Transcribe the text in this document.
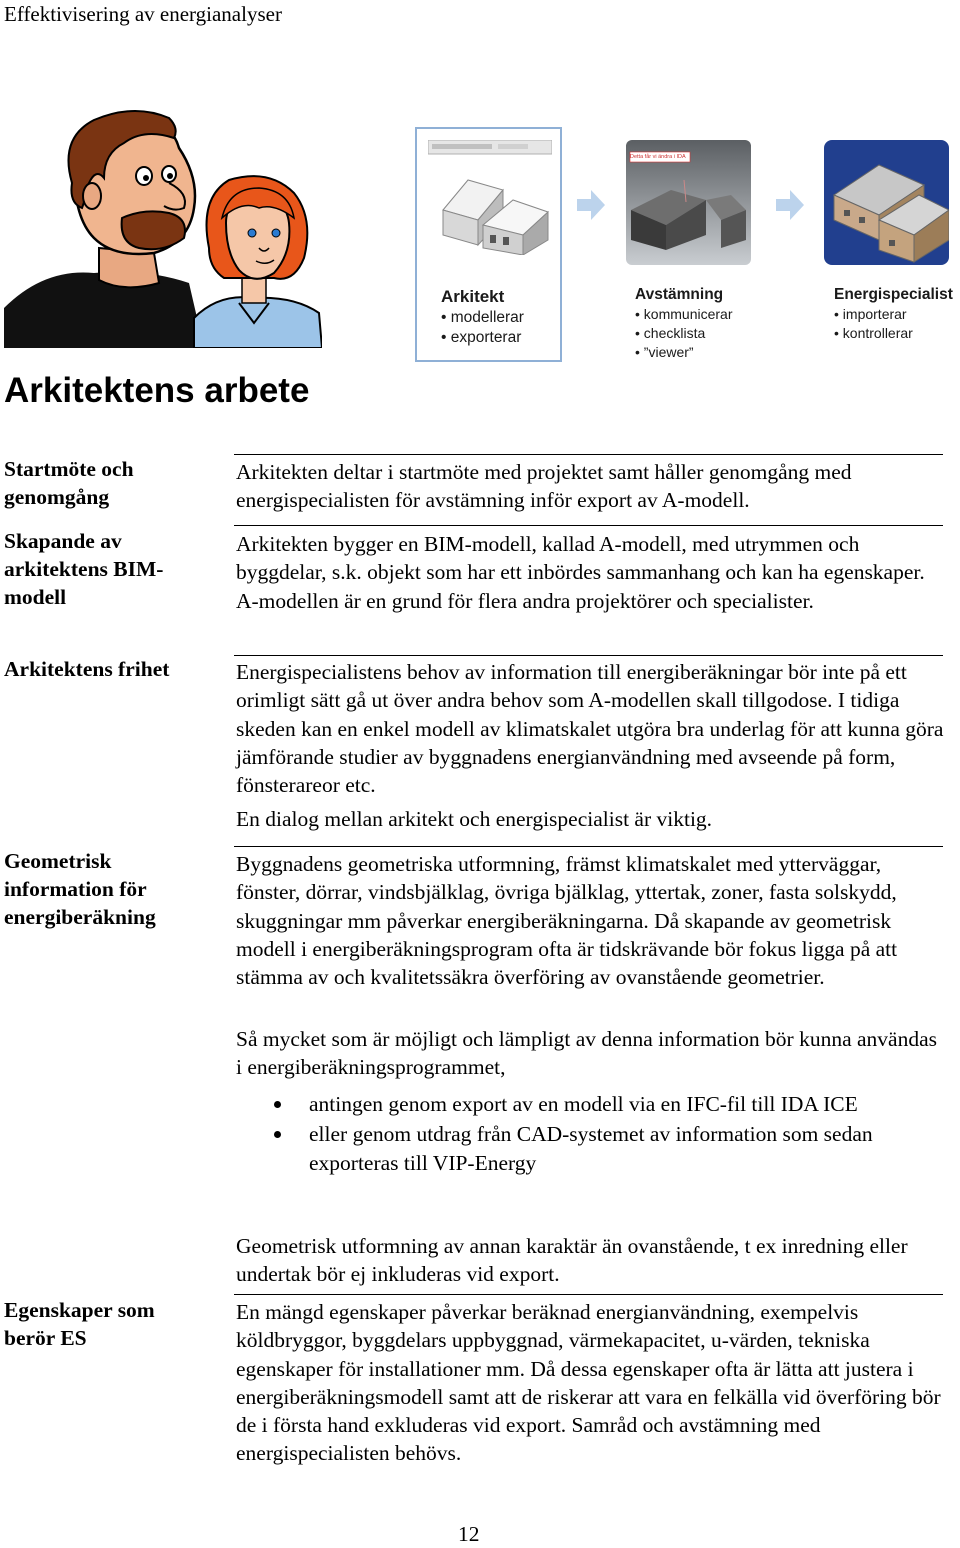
Effektivisering av energianalyser
Arkitekt
• modellerar
• exporterar
Avstämning
• kommunicerar
• checklista
• ”viewer”
Energispecialist
• importerar
• kontrollerar
Detta får vi ändra i IDA
Arkitektens arbete
Startmöte och genomgång

Arkitekten deltar i startmöte med projektet samt håller genomgång med energispecialisten för avstämning inför export av A-modell.

Skapande av arkitektens BIM-modell

Arkitekten bygger en BIM-modell, kallad A-modell, med utrymmen och byggdelar, s.k. objekt som har ett inbördes sammanhang och kan ha egenskaper. A-modellen är en grund för flera andra projektörer och specialister.

Arkitektens frihet	Energispecialistens behov av information till energiberäkningar bör inte på ett orimligt sätt gå ut över andra behov som A-modellen skall tillgodose. I tidiga skeden kan en enkel modell av klimatskalet utgöra bra underlag för att kunna göra jämförande studier av byggnadens energianvändning med avseende på form, fönsterareor etc.

En dialog mellan arkitekt och energispecialist är viktig.

Geometrisk information för energiberäkning

Byggnadens geometriska utformning, främst klimatskalet med ytterväggar, fönster, dörrar, vindsbjälklag, övriga bjälklag, yttertak, zoner, fasta solskydd, skuggningar mm påverkar energiberäkningarna. Då skapande av geometrisk modell i energiberäkningsprogram ofta är tidskrävande bör fokus ligga på att stämma av och kvalitetssäkra överföring av ovanstående geometrier.

Så mycket som är möjligt och lämpligt av denna information bör kunna användas i energiberäkningsprogrammet,

antingen genom export av en modell via en IFC-fil till IDA ICE
eller genom utdrag från CAD-systemet av information som sedan exporteras till VIP-Energy

Geometrisk utformning av annan karaktär än ovanstående, t ex inredning eller undertak bör ej inkluderas vid export.

Egenskaper som berör ES

En mängd egenskaper påverkar beräknad energianvändning, exempelvis köldbryggor, byggdelars uppbyggnad, värmekapacitet, u-värden, tekniska egenskaper för installationer mm. Då dessa egenskaper ofta är lätta att justera i energiberäkningsmodell samt att de riskerar att vara en felkälla vid överföring bör de i första hand exkluderas vid export. Samråd och avstämning med energispecialisten behövs.

12
